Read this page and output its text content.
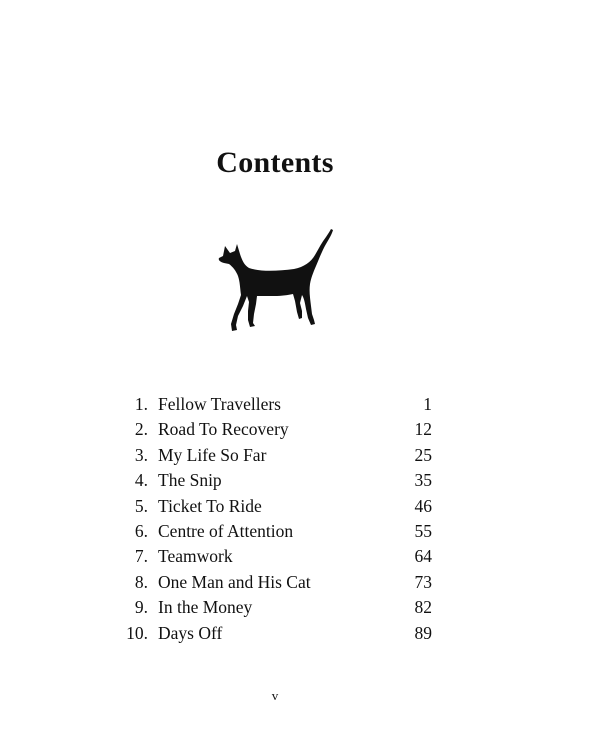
Contents
1. Fellow Travellers	1
2. Road To Recovery	12
3. My Life So Far	25
4. The Snip	35
5. Ticket To Ride	46
6. Centre of Attention	55
7. Teamwork	64
8. One Man and His Cat	73
9. In the Money	82
10. Days Off	89
v
